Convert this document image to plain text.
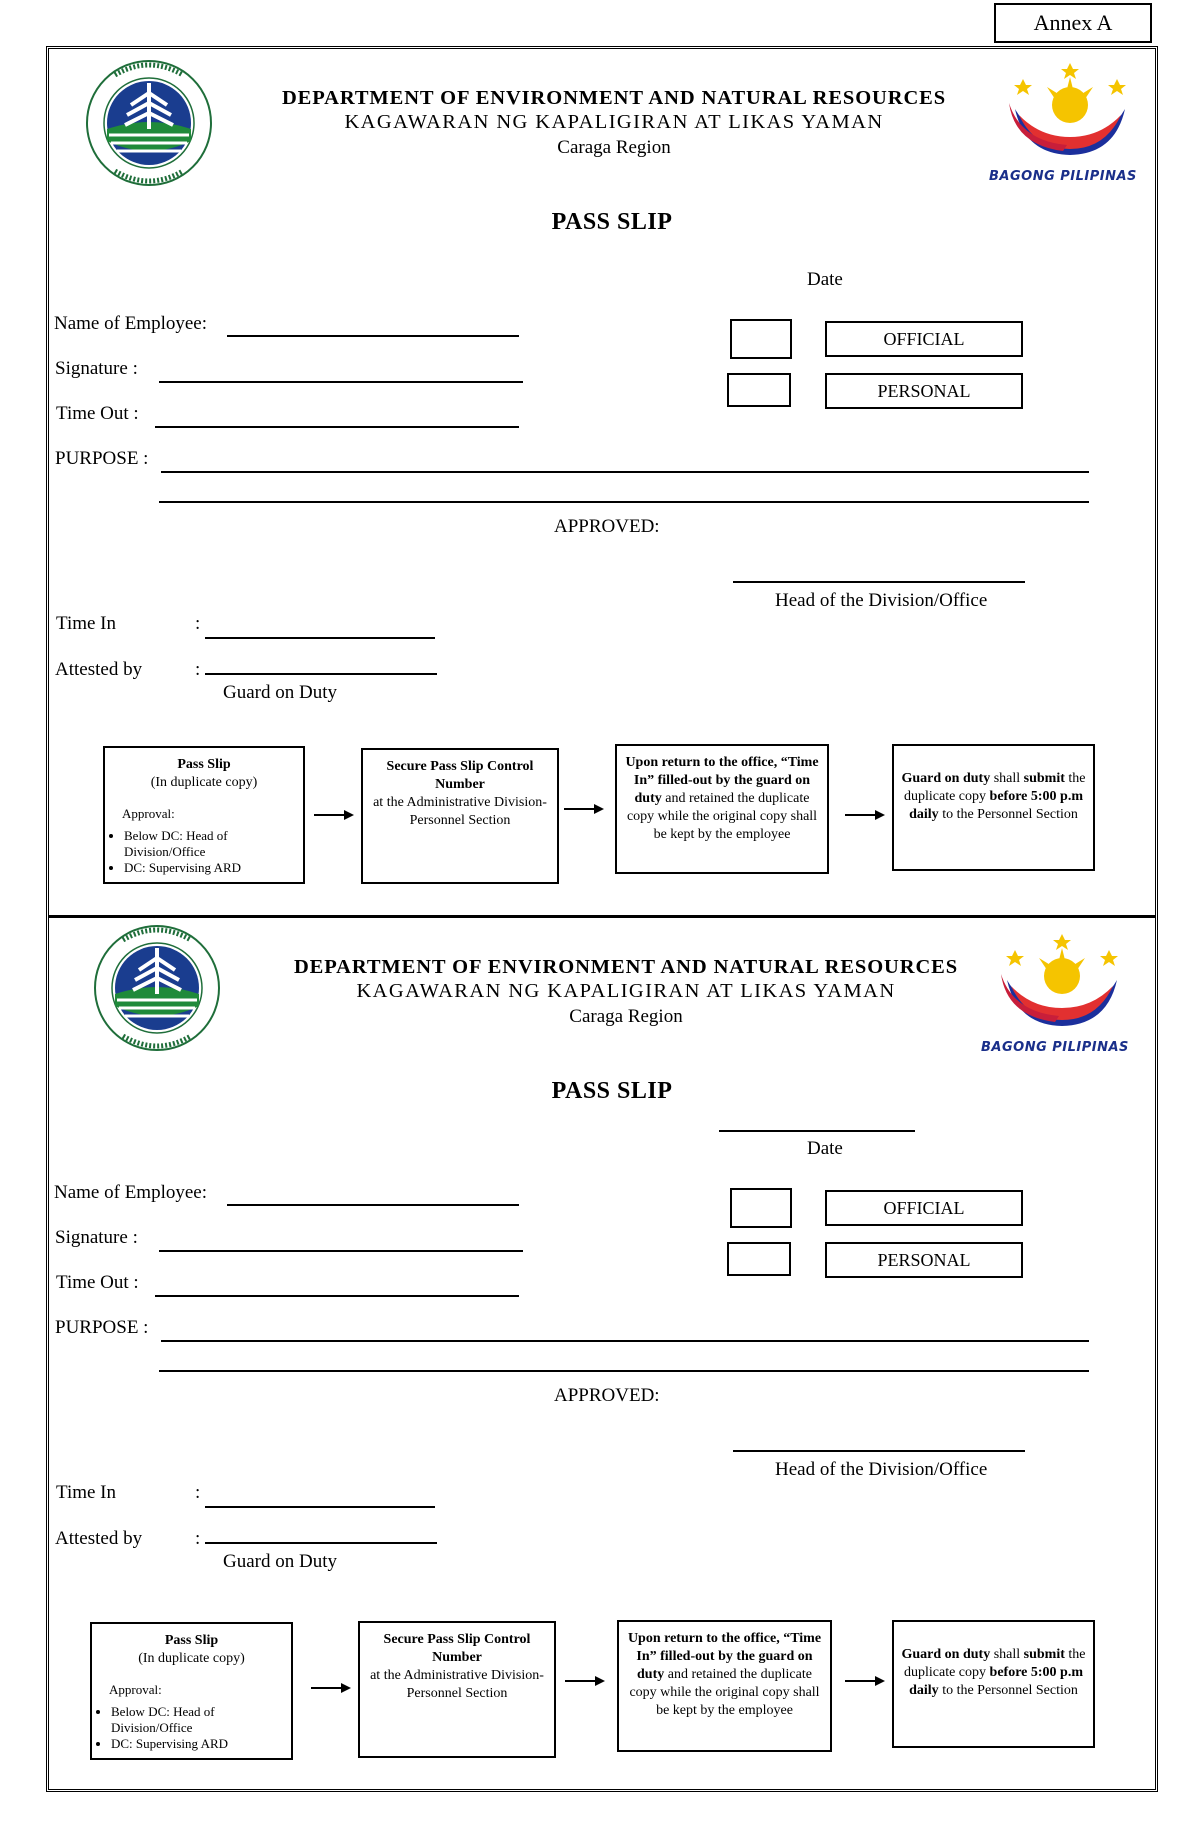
Annex A
BAGONG PILIPINAS
DEPARTMENT OF ENVIRONMENT AND NATURAL RESOURCES
KAGAWARAN NG KAPALIGIRAN AT LIKAS YAMAN
Caraga Region
PASS SLIP
Date
Name of Employee:
Signature :
Time Out :
PURPOSE :
OFFICIAL
PERSONAL
APPROVED:
Head of the Division/Office
Time In	:
Attested by	:
Guard on Duty
Pass Slip
(In duplicate copy)
Approval:
• Below DC: Head of Division/Office
• DC: Supervising ARD
Secure Pass Slip Control Number
at the Administrative Division-Personnel Section
Upon return to the office, “Time In” filled-out by the guard on duty and retained the duplicate copy while the original copy shall be kept by the employee
Guard on duty shall submit the duplicate copy before 5:00 p.m daily to the Personnel Section
BAGONG PILIPINAS
DEPARTMENT OF ENVIRONMENT AND NATURAL RESOURCES
KAGAWARAN NG KAPALIGIRAN AT LIKAS YAMAN
Caraga Region
PASS SLIP
Date
Name of Employee:
Signature :
Time Out :
PURPOSE :
OFFICIAL
PERSONAL
APPROVED:
Head of the Division/Office
Time In	:
Attested by	:
Guard on Duty
Pass Slip
(In duplicate copy)
Approval:
• Below DC: Head of Division/Office
• DC: Supervising ARD
Secure Pass Slip Control Number
at the Administrative Division-Personnel Section
Upon return to the office, “Time In” filled-out by the guard on duty and retained the duplicate copy while the original copy shall be kept by the employee
Guard on duty shall submit the duplicate copy before 5:00 p.m daily to the Personnel Section
